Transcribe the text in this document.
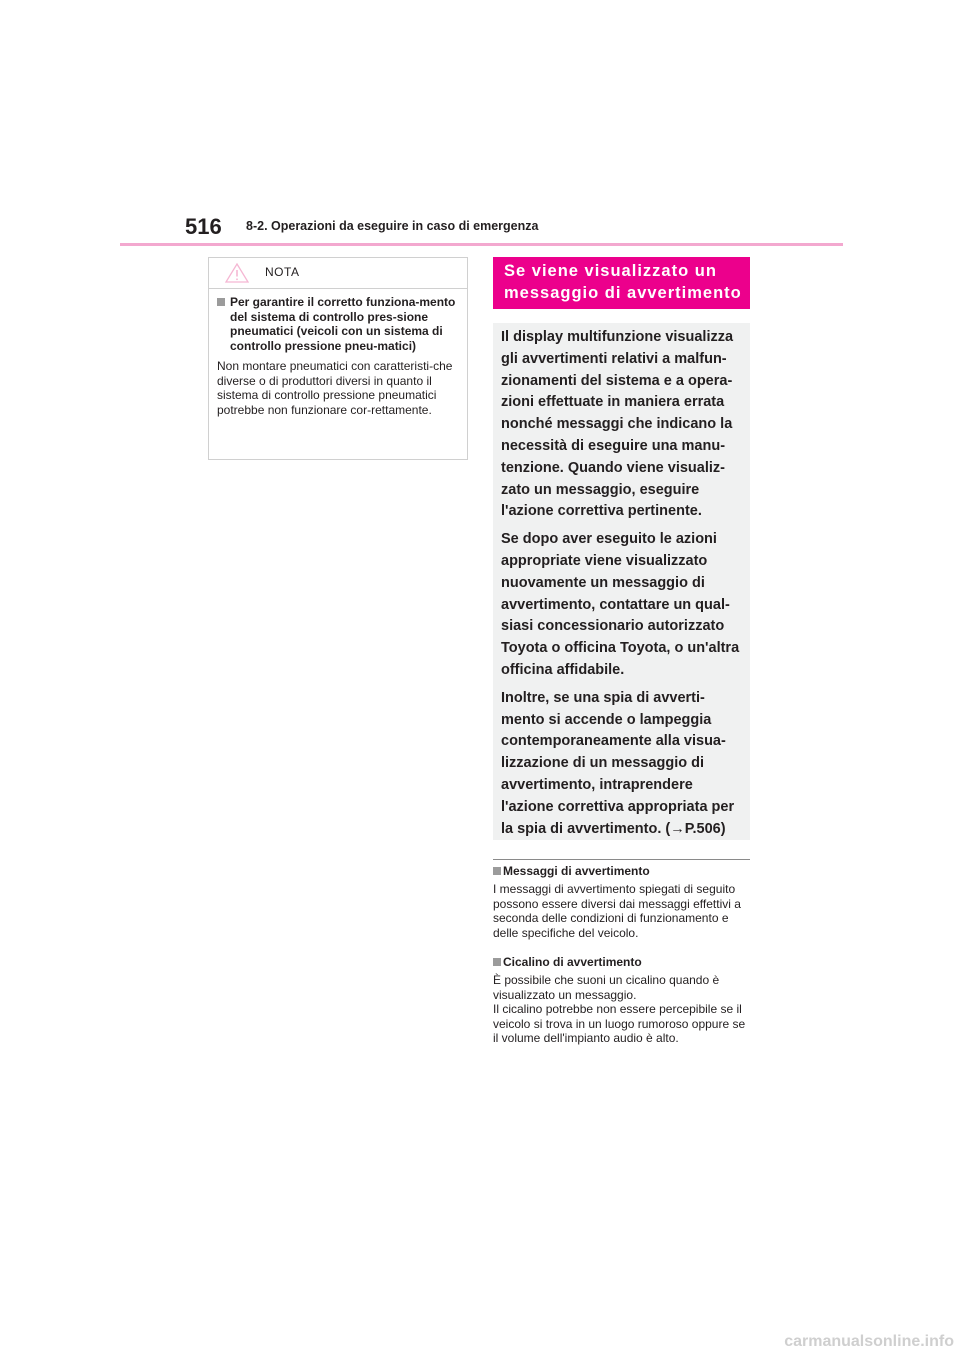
516 8-2. Operazioni da eseguire in caso di emergenza
NOTA
Per garantire il corretto funziona-mento del sistema di controllo pres-sione pneumatici (veicoli con un sistema di controllo pressione pneu-matici)
Non montare pneumatici con caratteristi-che diverse o di produttori diversi in quanto il sistema di controllo pressione pneumatici potrebbe non funzionare cor-rettamente.
Se viene visualizzato un
messaggio di avvertimento
Il display multifunzione visualizza gli avvertimenti relativi a malfun-zionamenti del sistema e a opera-zioni effettuate in maniera errata nonché messaggi che indicano la necessità di eseguire una manu-tenzione. Quando viene visualiz-zato un messaggio, eseguire l'azione correttiva pertinente.
Se dopo aver eseguito le azioni appropriate viene visualizzato nuovamente un messaggio di avvertimento, contattare un qual-siasi concessionario autorizzato Toyota o officina Toyota, o un'altra officina affidabile.
Inoltre, se una spia di avverti-mento si accende o lampeggia contemporaneamente alla visua-lizzazione di un messaggio di avvertimento, intraprendere l'azione correttiva appropriata per la spia di avvertimento. (→P.506)
Messaggi di avvertimento
I messaggi di avvertimento spiegati di seguito possono essere diversi dai messaggi effettivi a seconda delle condizioni di funzionamento e delle specifiche del veicolo.
Cicalino di avvertimento
È possibile che suoni un cicalino quando è visualizzato un messaggio.
Il cicalino potrebbe non essere percepibile se il veicolo si trova in un luogo rumoroso oppure se il volume dell'impianto audio è alto.
carmanualsonline.info
